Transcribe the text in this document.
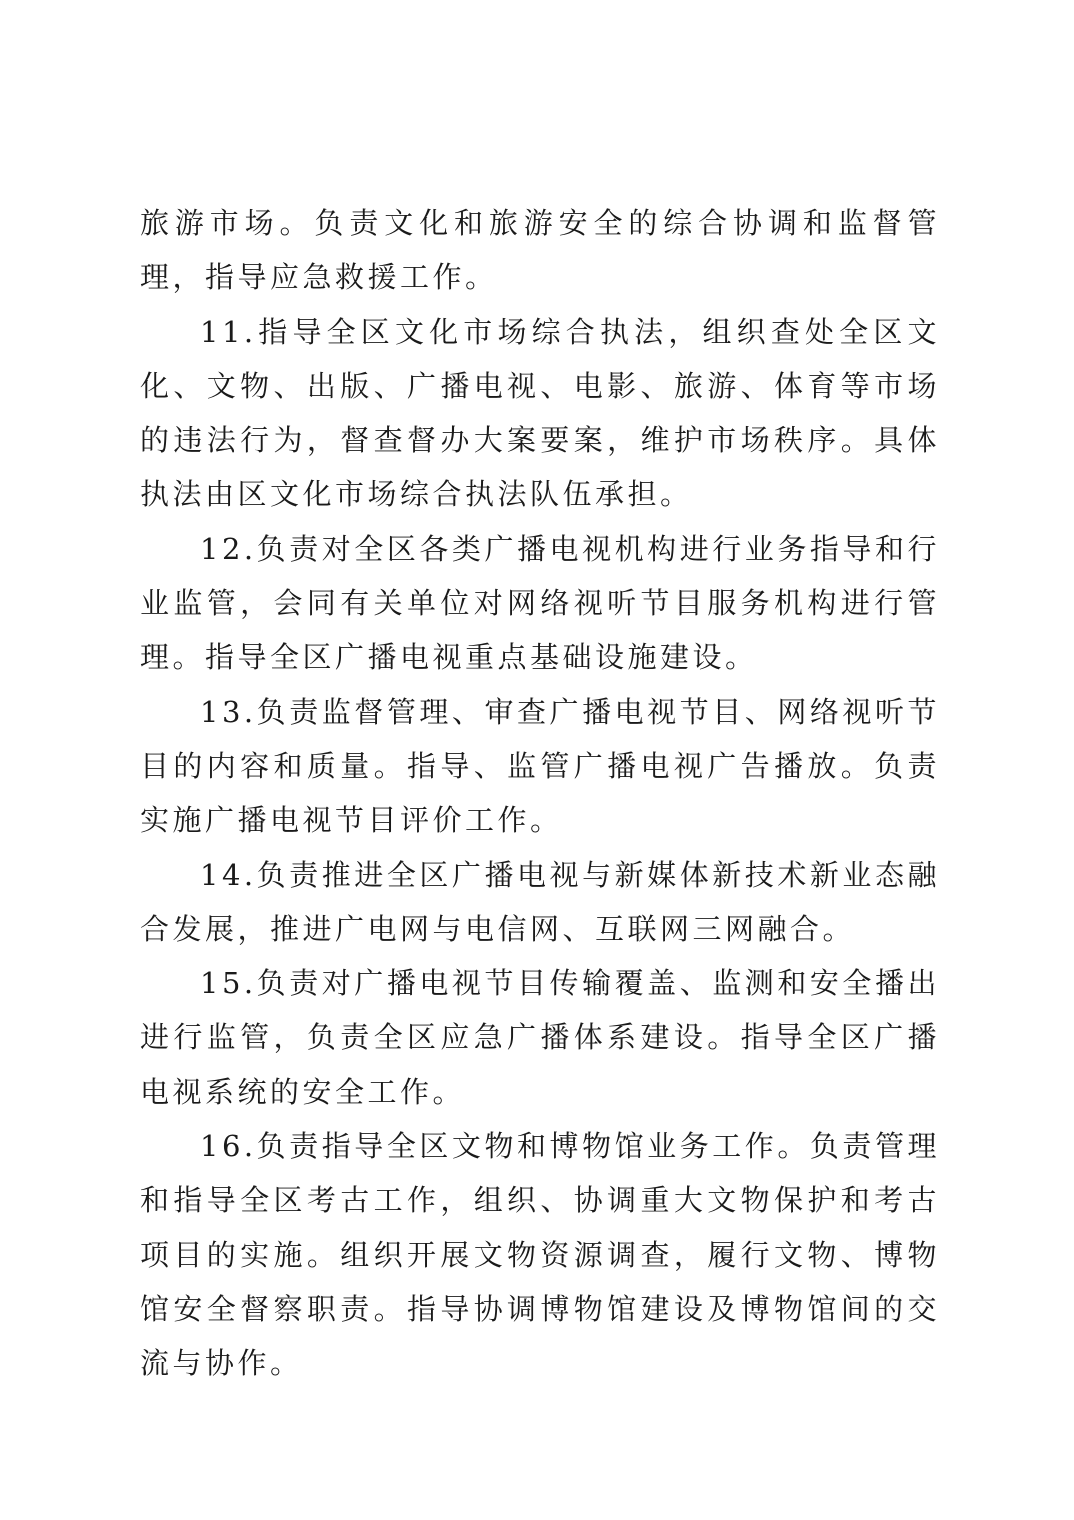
旅游市场。负责文化和旅游安全的综合协调和监督管理，指导应急救援工作。

11.指导全区文化市场综合执法，组织查处全区文化、文物、出版、广播电视、电影、旅游、体育等市场的违法行为，督查督办大案要案，维护市场秩序。具体执法由区文化市场综合执法队伍承担。

12.负责对全区各类广播电视机构进行业务指导和行业监管，会同有关单位对网络视听节目服务机构进行管理。指导全区广播电视重点基础设施建设。

13.负责监督管理、审查广播电视节目、网络视听节目的内容和质量。指导、监管广播电视广告播放。负责实施广播电视节目评价工作。

14.负责推进全区广播电视与新媒体新技术新业态融合发展，推进广电网与电信网、互联网三网融合。

15.负责对广播电视节目传输覆盖、监测和安全播出进行监管，负责全区应急广播体系建设。指导全区广播电视系统的安全工作。

16.负责指导全区文物和博物馆业务工作。负责管理和指导全区考古工作，组织、协调重大文物保护和考古项目的实施。组织开展文物资源调查，履行文物、博物馆安全督察职责。指导协调博物馆建设及博物馆间的交流与协作。
